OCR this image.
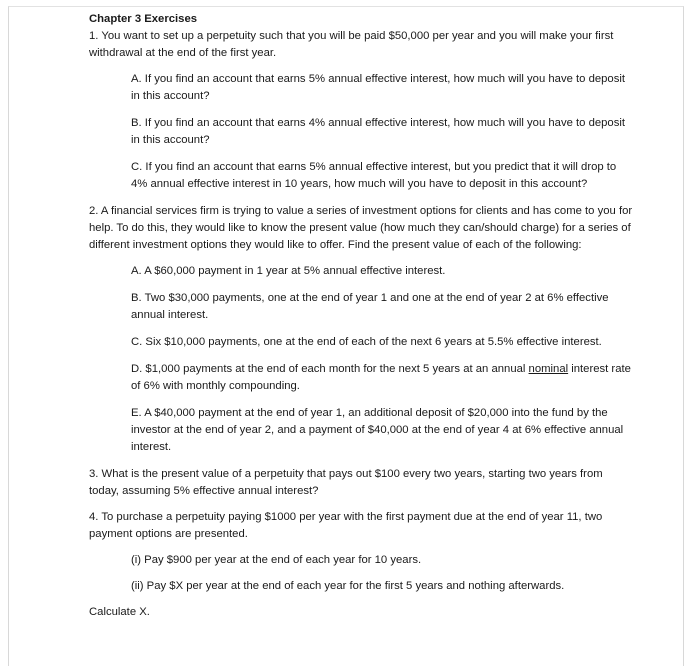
Chapter 3 Exercises

1. You want to set up a perpetuity such that you will be paid $50,000 per year and you will make your first withdrawal at the end of the first year.

A. If you find an account that earns 5% annual effective interest, how much will you have to deposit in this account?

B. If you find an account that earns 4% annual effective interest, how much will you have to deposit in this account?

C. If you find an account that earns 5% annual effective interest, but you predict that it will drop to 4% annual effective interest in 10 years, how much will you have to deposit in this account?

2. A financial services firm is trying to value a series of investment options for clients and has come to you for help. To do this, they would like to know the present value (how much they can/should charge) for a series of different investment options they would like to offer. Find the present value of each of the following:

A. A $60,000 payment in 1 year at 5% annual effective interest.

B. Two $30,000 payments, one at the end of year 1 and one at the end of year 2 at 6% effective annual interest.

C. Six $10,000 payments, one at the end of each of the next 6 years at 5.5% effective interest.

D. $1,000 payments at the end of each month for the next 5 years at an annual nominal interest rate of 6% with monthly compounding.

E. A $40,000 payment at the end of year 1, an additional deposit of $20,000 into the fund by the investor at the end of year 2, and a payment of $40,000 at the end of year 4 at 6% effective annual interest.

3. What is the present value of a perpetuity that pays out $100 every two years, starting two years from today, assuming 5% effective annual interest?

4. To purchase a perpetuity paying $1000 per year with the first payment due at the end of year 11, two payment options are presented.

(i) Pay $900 per year at the end of each year for 10 years.

(ii) Pay $X per year at the end of each year for the first 5 years and nothing afterwards.

Calculate X.
